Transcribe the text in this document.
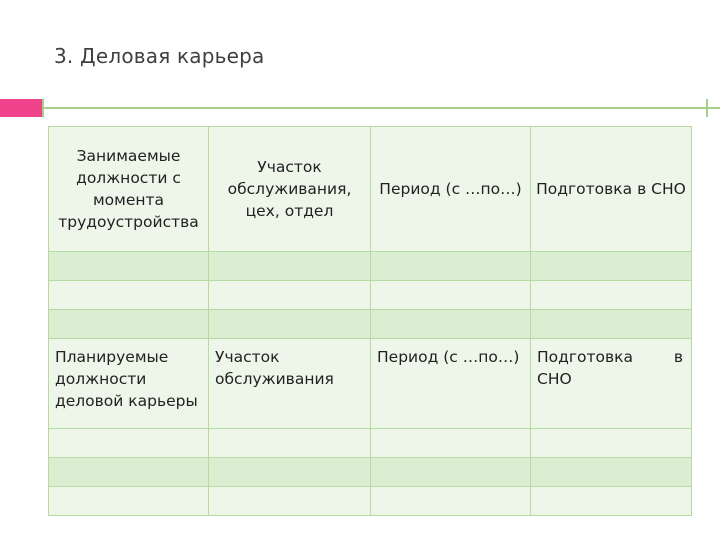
3. Деловая карьера
Занимаемые должности с момента трудоустройства	Участок обслуживания, цех, отдел	Период (с …по…)	Подготовка в СНО

Планируемые должности деловой карьеры	Участок обслуживания	Период (с …по…)	Подготовка в
СНО
